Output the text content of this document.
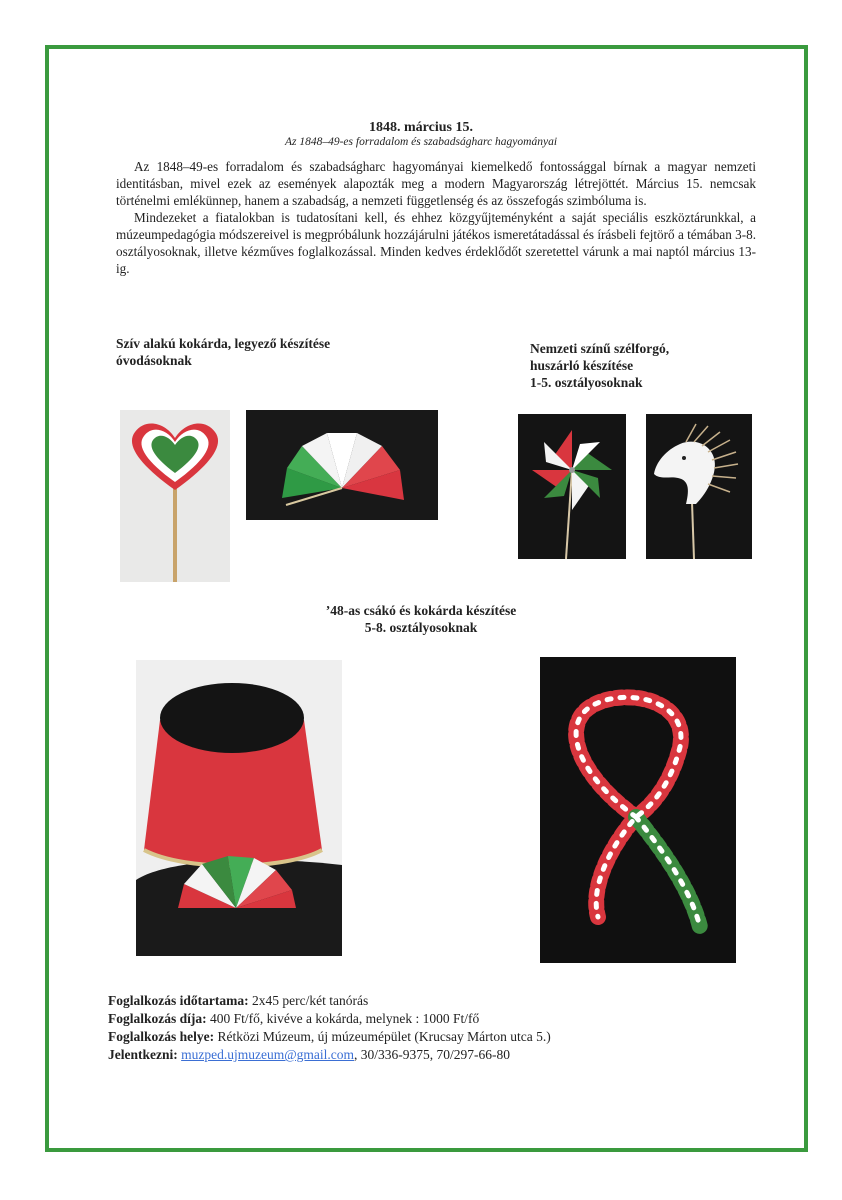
1848. március 15.
Az 1848–49-es forradalom és szabadságharc hagyományai

Az 1848–49-es forradalom és szabadságharc hagyományai kiemelkedő fontossággal bírnak a magyar nemzeti identitásban, mivel ezek az események alapozták meg a modern Magyarország létrejöttét. Március 15. nemcsak történelmi emlékünnep, hanem a szabadság, a nemzeti függetlenség és az összefogás szimbóluma is.

Mindezeket a fiatalokban is tudatosítani kell, és ehhez közgyűjteményként a saját speciális eszköztárunkkal, a múzeumpedagógia módszereivel is megpróbálunk hozzájárulni játékos ismeretátadással és írásbeli fejtörő a témában 3-8. osztályosoknak, illetve kézműves foglalkozással. Minden kedves érdeklődőt szeretettel várunk a mai naptól március 13-ig.

Szív alakú kokárda, legyező készítése
óvodásoknak
Nemzeti színű szélforgó,
huszárló készítése
1-5. osztályosoknak
’48-as csákó és kokárda készítése
5-8. osztályosoknak
Foglalkozás időtartama: 2x45 perc/két tanórás
Foglalkozás díja: 400 Ft/fő, kivéve a kokárda, melynek : 1000 Ft/fő
Foglalkozás helye: Rétközi Múzeum, új múzeumépület (Krucsay Márton utca 5.)
Jelentkezni: muzped.ujmuzeum@gmail.com, 30/336-9375, 70/297-66-80
